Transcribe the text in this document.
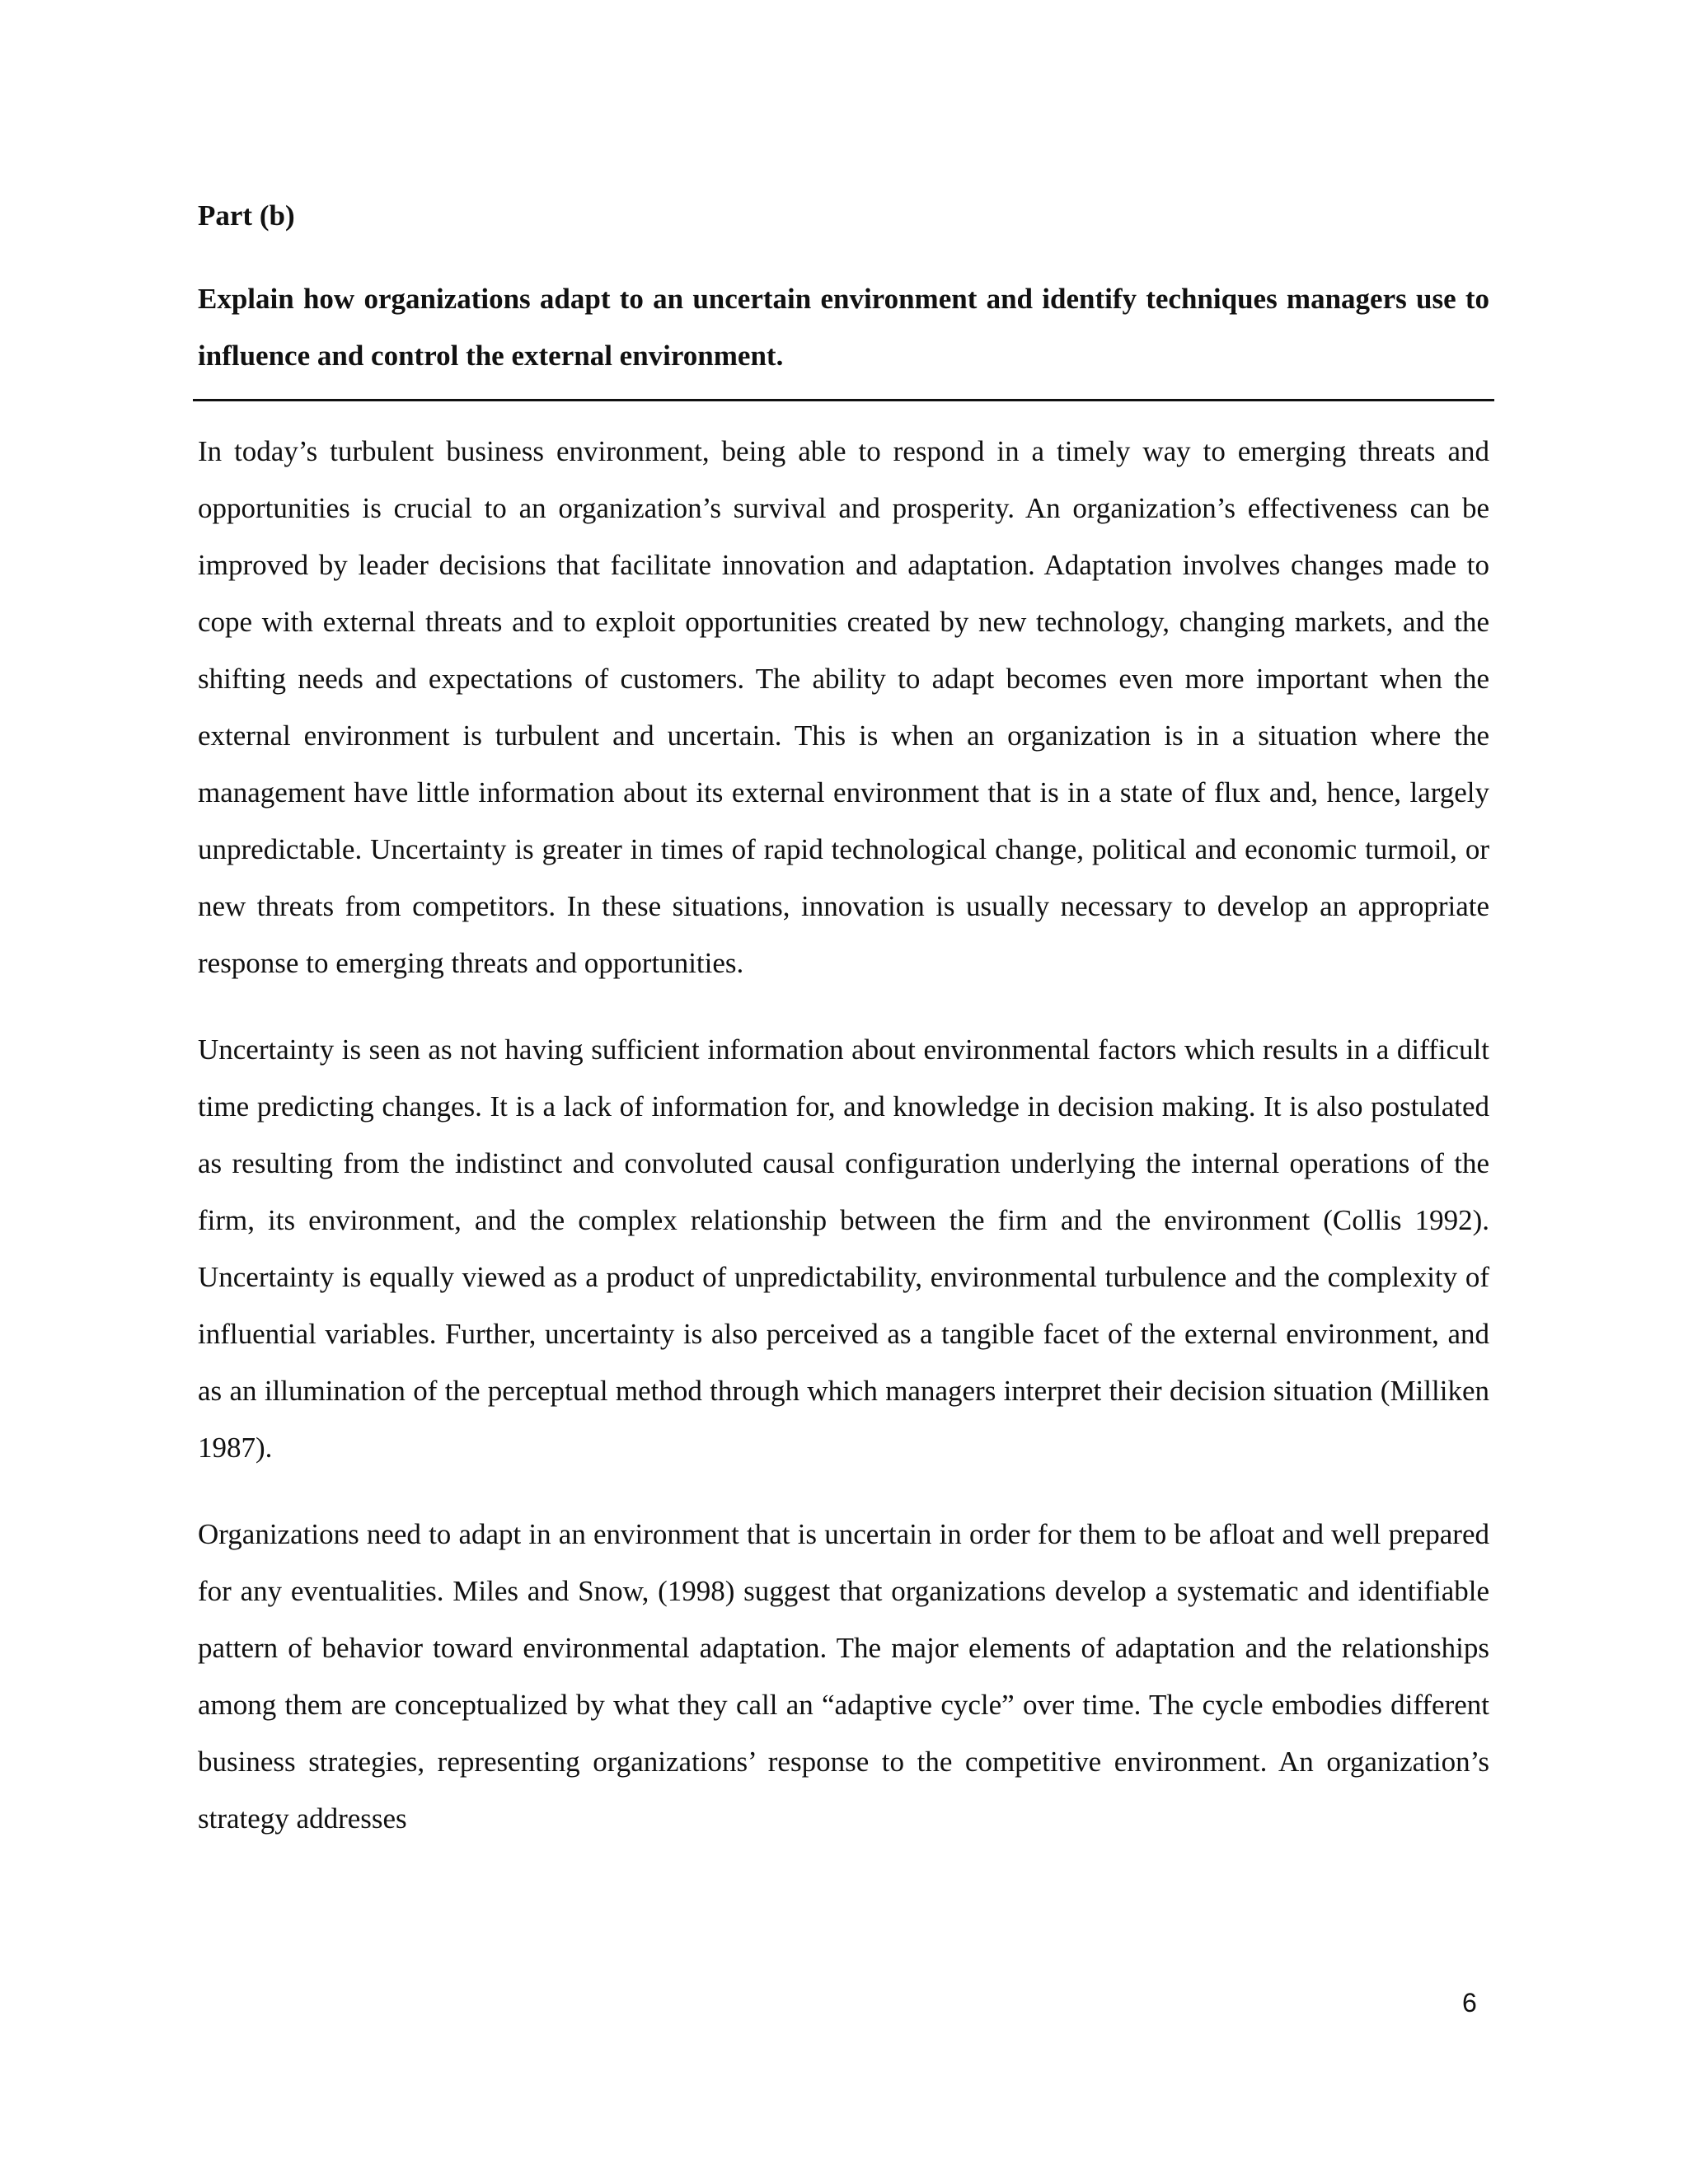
Part (b)

Explain how organizations adapt to an uncertain environment and identify techniques managers use to influence and control the external environment.

In today’s turbulent business environment, being able to respond in a timely way to emerging threats and opportunities is crucial to an organization’s survival and prosperity. An organization’s effectiveness can be improved by leader decisions that facilitate innovation and adaptation. Adaptation involves changes made to cope with external threats and to exploit opportunities created by new technology, changing markets, and the shifting needs and expectations of customers. The ability to adapt becomes even more important when the external environment is turbulent and uncertain. This is when an organization is in a situation where the management have little information about its external environment that is in a state of flux and, hence, largely unpredictable. Uncertainty is greater in times of rapid technological change, political and economic turmoil, or new threats from competitors. In these situations, innovation is usually necessary to develop an appropriate response to emerging threats and opportunities.

Uncertainty is seen as not having sufficient information about environmental factors which results in a difficult time predicting changes. It is a lack of information for, and knowledge in decision making. It is also postulated as resulting from the indistinct and convoluted causal configuration underlying the internal operations of the firm, its environment, and the complex relationship between the firm and the environment (Collis 1992). Uncertainty is equally viewed as a product of unpredictability, environmental turbulence and the complexity of influential variables. Further, uncertainty is also perceived as a tangible facet of the external environment, and as an illumination of the perceptual method through which managers interpret their decision situation (Milliken 1987).

Organizations need to adapt in an environment that is uncertain in order for them to be afloat and well prepared for any eventualities. Miles and Snow, (1998) suggest that organizations develop a systematic and identifiable pattern of behavior toward environmental adaptation. The major elements of adaptation and the relationships among them are conceptualized by what they call an “adaptive cycle” over time. The cycle embodies different business strategies, representing organizations’ response to the competitive environment. An organization’s strategy addresses

6
